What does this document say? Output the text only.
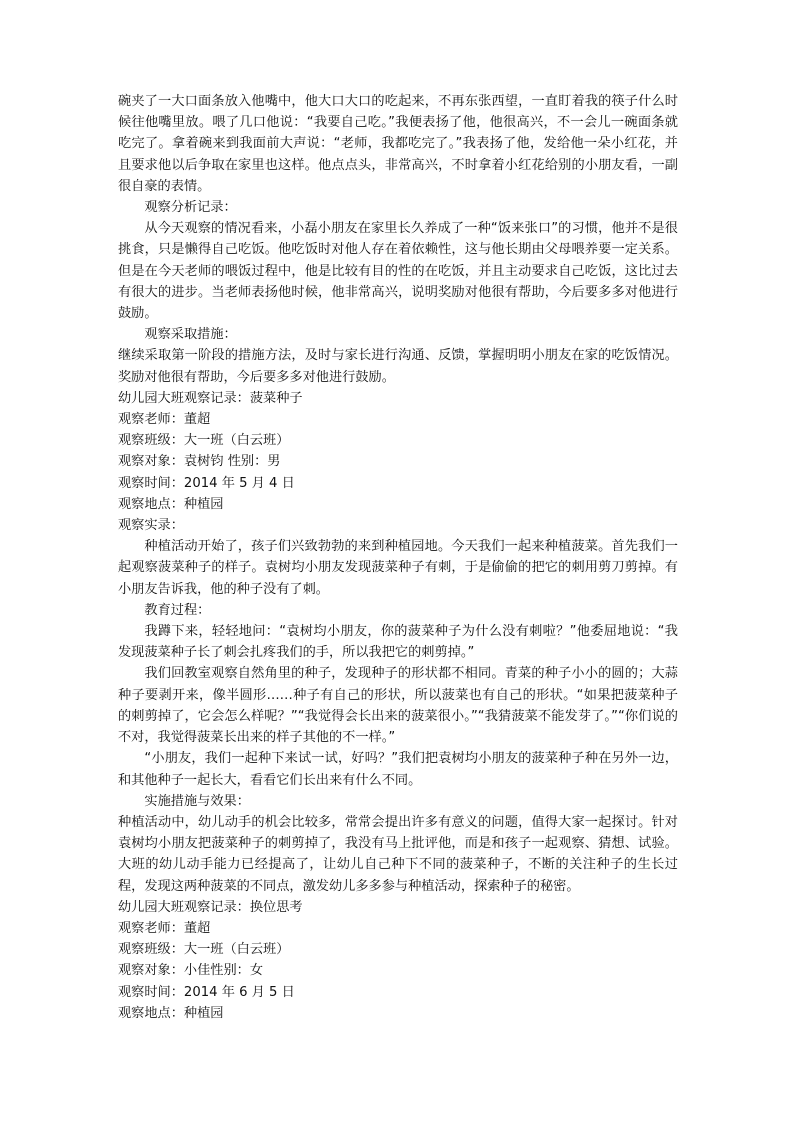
碗夹了一大口面条放入他嘴中，他大口大口的吃起来，不再东张西望，一直盯着我的筷子什么时候往他嘴里放。喂了几口他说：“我要自己吃。”我便表扬了他，他很高兴，不一会儿一碗面条就吃完了。拿着碗来到我面前大声说：“老师，我都吃完了。”我表扬了他，发给他一朵小红花，并且要求他以后争取在家里也这样。他点点头，非常高兴，不时拿着小红花给别的小朋友看，一副很自豪的表情。

观察分析记录：

从今天观察的情况看来，小磊小朋友在家里长久养成了一种“饭来张口”的习惯，他并不是很挑食，只是懒得自己吃饭。他吃饭时对他人存在着依赖性，这与他长期由父母喂养要一定关系。但是在今天老师的喂饭过程中，他是比较有目的性的在吃饭，并且主动要求自己吃饭，这比过去有很大的进步。当老师表扬他时候，他非常高兴，说明奖励对他很有帮助，今后要多多对他进行鼓励。

观察采取措施：

继续采取第一阶段的措施方法，及时与家长进行沟通、反馈，掌握明明小朋友在家的吃饭情况。奖励对他很有帮助，今后要多多对他进行鼓励。

幼儿园大班观察记录：菠菜种子

观察老师：董超

观察班级：大一班（白云班）

观察对象：袁树钧 性别：男

观察时间：2014 年 5 月 4 日

观察地点：种植园

观察实录：

种植活动开始了，孩子们兴致勃勃的来到种植园地。今天我们一起来种植菠菜。首先我们一起观察菠菜种子的样子。袁树均小朋友发现菠菜种子有刺，于是偷偷的把它的刺用剪刀剪掉。有小朋友告诉我，他的种子没有了刺。

教育过程：

我蹲下来，轻轻地问：“袁树均小朋友，你的菠菜种子为什么没有刺啦？”他委屈地说：“我发现菠菜种子长了刺会扎疼我们的手，所以我把它的刺剪掉。”

我们回教室观察自然角里的种子，发现种子的形状都不相同。青菜的种子小小的圆的；大蒜种子要剥开来，像半圆形……种子有自己的形状，所以菠菜也有自己的形状。“如果把菠菜种子的刺剪掉了，它会怎么样呢？”“我觉得会长出来的菠菜很小。”“我猜菠菜不能发芽了。”“你们说的不对，我觉得菠菜长出来的样子其他的不一样。”

“小朋友，我们一起种下来试一试，好吗？”我们把袁树均小朋友的菠菜种子种在另外一边，和其他种子一起长大，看看它们长出来有什么不同。

实施措施与效果：

种植活动中，幼儿动手的机会比较多，常常会提出许多有意义的问题，值得大家一起探讨。针对袁树均小朋友把菠菜种子的刺剪掉了，我没有马上批评他，而是和孩子一起观察、猜想、试验。大班的幼儿动手能力已经提高了，让幼儿自己种下不同的菠菜种子，不断的关注种子的生长过程，发现这两种菠菜的不同点，激发幼儿多多参与种植活动，探索种子的秘密。

幼儿园大班观察记录：换位思考

观察老师：董超

观察班级：大一班（白云班）

观察对象：小佳性别：女

观察时间：2014 年 6 月 5 日

观察地点：种植园
